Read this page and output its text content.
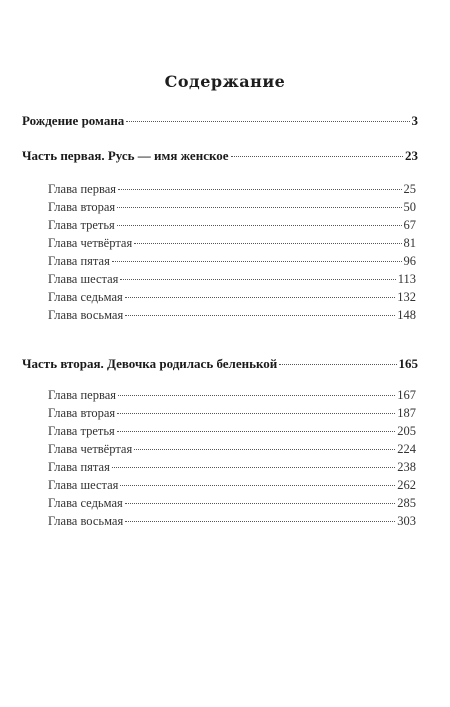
Содержание
Рождение романа	3
Часть первая. Русь — имя женское	23
Глава первая	25
Глава вторая	50
Глава третья	67
Глава четвёртая	81
Глава пятая	96
Глава шестая	113
Глава седьмая	132
Глава восьмая	148
Часть вторая. Девочка родилась беленькой	165
Глава первая	167
Глава вторая	187
Глава третья	205
Глава четвёртая	224
Глава пятая	238
Глава шестая	262
Глава седьмая	285
Глава восьмая	303
